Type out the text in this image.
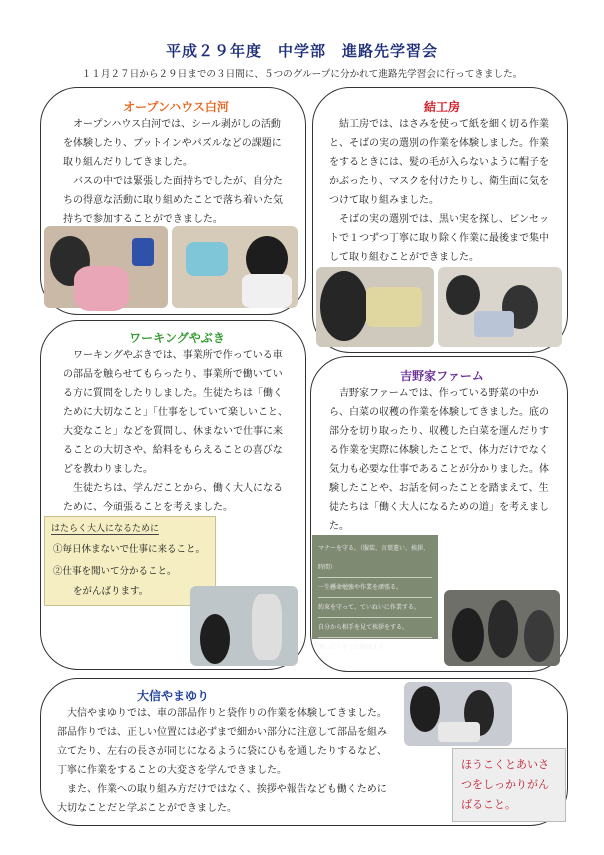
平成２９年度　中学部　進路先学習会
１１月２７日から２９日までの３日間に、５つのグループに分かれて進路先学習会に行ってきました。
オープンハウス白河

オープンハウス白河では、シール剥がしの活動を体験したり、ブットインやパズルなどの課題に取り組んだりしてきました。

バスの中では緊張した面持ちでしたが、自分たちの得意な活動に取り組めたことで落ち着いた気持ちで参加することができました。

結工房

結工房では、はさみを使って紙を細く切る作業と、そばの実の選別の作業を体験しました。作業をするときには、髪の毛が入らないように帽子をかぶったり、マスクを付けたりし、衛生面に気をつけて取り組みました。

そばの実の選別では、黒い実を探し、ピンセットで１つずつ丁寧に取り除く作業に最後まで集中して取り組むことができました。

ワーキングやぶき

ワーキングやぶきでは、事業所で作っている車の部品を触らせてもらったり、事業所で働いている方に質問をしたりしました。生徒たちは「働くために大切なこと」「仕事をしていて楽しいこと、大変なこと」などを質問し、休まないで仕事に来ることの大切さや、給料をもらえることの喜びなどを教わりました。

生徒たちは、学んだことから、働く大人になるために、今頑張ることを考えました。

はたらく大人になるために
①毎日休まないで仕事に来ること。
②仕事を聞いて分かること。
をがんばります。
吉野家ファーム

吉野家ファームでは、作っている野菜の中から、白菜の収穫の作業を体験してきました。底の部分を切り取ったり、収穫した白菜を運んだりする作業を実際に体験したことで、体力だけでなく気力も必要な仕事であることが分かりました。体験したことや、お話を伺ったことを踏まえて、生徒たちは「働く大人になるための道」を考えました。

マナーを守る。（服装、言葉遣い、挨拶、時間）
一生懸命勉強や作業を頑張る。
約束を守って、ていねいに作業する。
自分から相手を見て挨拶をする。
困ったらすぐに相談する。
大信やまゆり

大信やまゆりでは、車の部品作りと袋作りの作業を体験してきました。部品作りでは、正しい位置には必ずまで細かい部分に注意して部品を組み立てたり、左右の長さが同じになるように袋にひもを通したりするなど、丁寧に作業をすることの大変さを学んできました。

また、作業への取り組み方だけではなく、挨拶や報告なども働くために大切なことだと学ぶことができました。

ほうこくとあいさつをしっかりがんばること。
